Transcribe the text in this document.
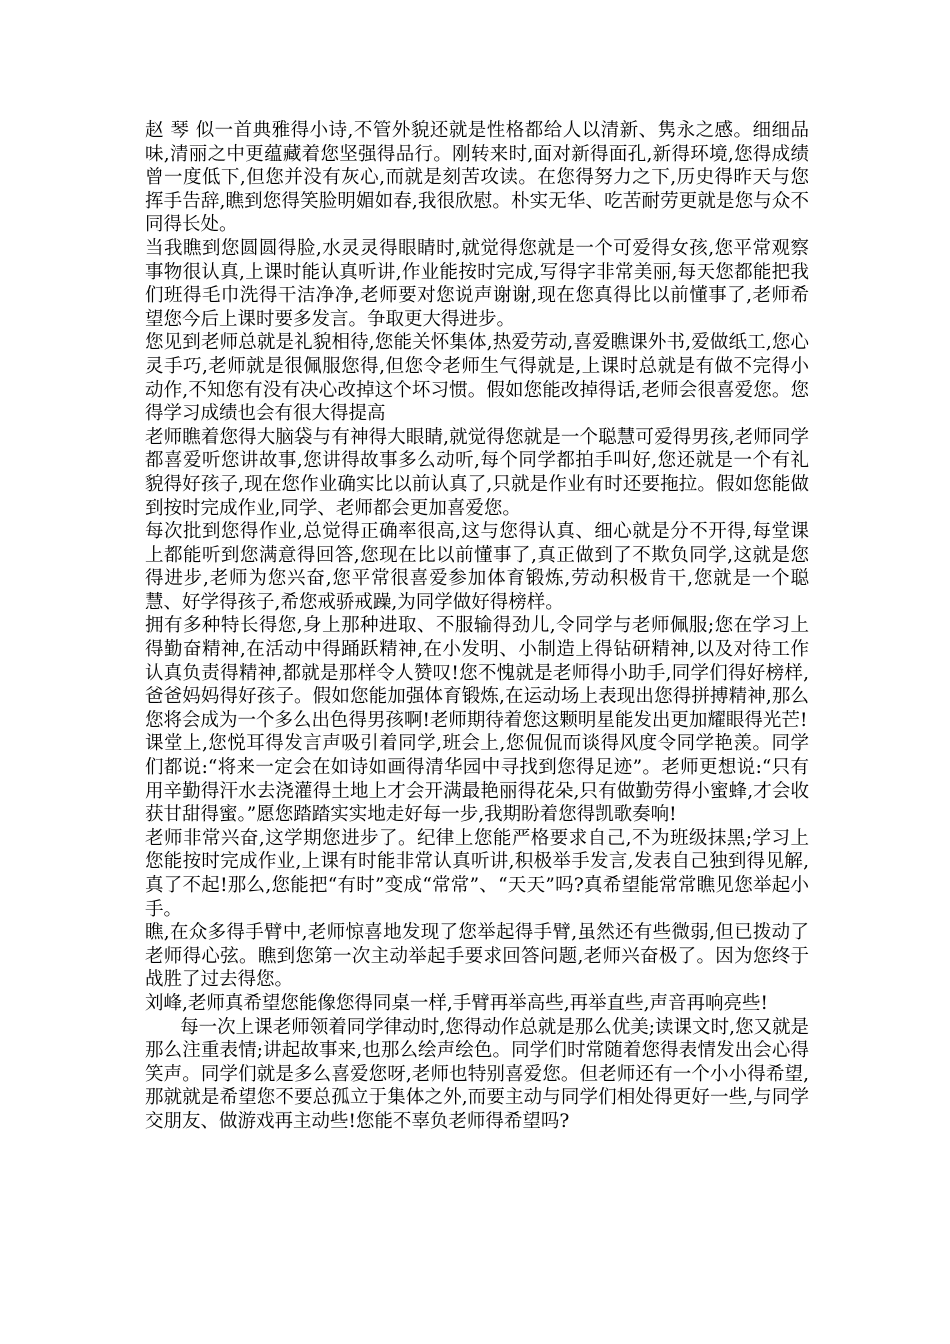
赵 琴 似一首典雅得小诗,不管外貌还就是性格都给人以清新、隽永之感。细细品味,清丽之中更蕴藏着您坚强得品行。刚转来时,面对新得面孔,新得环境,您得成绩曾一度低下,但您并没有灰心,而就是刻苦攻读。在您得努力之下,历史得昨天与您挥手告辞,瞧到您得笑脸明媚如春,我很欣慰。朴实无华、吃苦耐劳更就是您与众不同得长处。

当我瞧到您圆圆得脸,水灵灵得眼睛时,就觉得您就是一个可爱得女孩,您平常观察事物很认真,上课时能认真听讲,作业能按时完成,写得字非常美丽,每天您都能把我们班得毛巾洗得干洁净净,老师要对您说声谢谢,现在您真得比以前懂事了,老师希望您今后上课时要多发言。争取更大得进步。

您见到老师总就是礼貌相待,您能关怀集体,热爱劳动,喜爱瞧课外书,爱做纸工,您心灵手巧,老师就是很佩服您得,但您令老师生气得就是,上课时总就是有做不完得小动作,不知您有没有决心改掉这个坏习惯。假如您能改掉得话,老师会很喜爱您。您得学习成绩也会有很大得提高

老师瞧着您得大脑袋与有神得大眼睛,就觉得您就是一个聪慧可爱得男孩,老师同学都喜爱听您讲故事,您讲得故事多么动听,每个同学都拍手叫好,您还就是一个有礼貌得好孩子,现在您作业确实比以前认真了,只就是作业有时还要拖拉。假如您能做到按时完成作业,同学、老师都会更加喜爱您。

每次批到您得作业,总觉得正确率很高,这与您得认真、细心就是分不开得,每堂课上都能听到您满意得回答,您现在比以前懂事了,真正做到了不欺负同学,这就是您得进步,老师为您兴奋,您平常很喜爱参加体育锻炼,劳动积极肯干,您就是一个聪慧、好学得孩子,希您戒骄戒躁,为同学做好得榜样。

拥有多种特长得您,身上那种进取、不服输得劲儿,令同学与老师佩服;您在学习上得勤奋精神,在活动中得踊跃精神,在小发明、小制造上得钻研精神,以及对待工作认真负责得精神,都就是那样令人赞叹!您不愧就是老师得小助手,同学们得好榜样,爸爸妈妈得好孩子。假如您能加强体育锻炼,在运动场上表现出您得拼搏精神,那么您将会成为一个多么出色得男孩啊!老师期待着您这颗明星能发出更加耀眼得光芒!

课堂上,您悦耳得发言声吸引着同学,班会上,您侃侃而谈得风度令同学艳羡。同学们都说:“将来一定会在如诗如画得清华园中寻找到您得足迹”。老师更想说:“只有用辛勤得汗水去浇灌得土地上才会开满最艳丽得花朵,只有做勤劳得小蜜蜂,才会收获甘甜得蜜。”愿您踏踏实实地走好每一步,我期盼着您得凯歌奏响!

老师非常兴奋,这学期您进步了。纪律上您能严格要求自己,不为班级抹黑;学习上您能按时完成作业,上课有时能非常认真听讲,积极举手发言,发表自己独到得见解,真了不起!那么,您能把“有时”变成“常常”、“天天”吗?真希望能常常瞧见您举起小手。

瞧,在众多得手臂中,老师惊喜地发现了您举起得手臂,虽然还有些微弱,但已拨动了老师得心弦。瞧到您第一次主动举起手要求回答问题,老师兴奋极了。因为您终于战胜了过去得您。

刘峰,老师真希望您能像您得同桌一样,手臂再举高些,再举直些,声音再响亮些!

每一次上课老师领着同学律动时,您得动作总就是那么优美;读课文时,您又就是那么注重表情;讲起故事来,也那么绘声绘色。同学们时常随着您得表情发出会心得笑声。同学们就是多么喜爱您呀,老师也特别喜爱您。但老师还有一个小小得希望,那就就是希望您不要总孤立于集体之外,而要主动与同学们相处得更好一些,与同学交朋友、做游戏再主动些!您能不辜负老师得希望吗?
